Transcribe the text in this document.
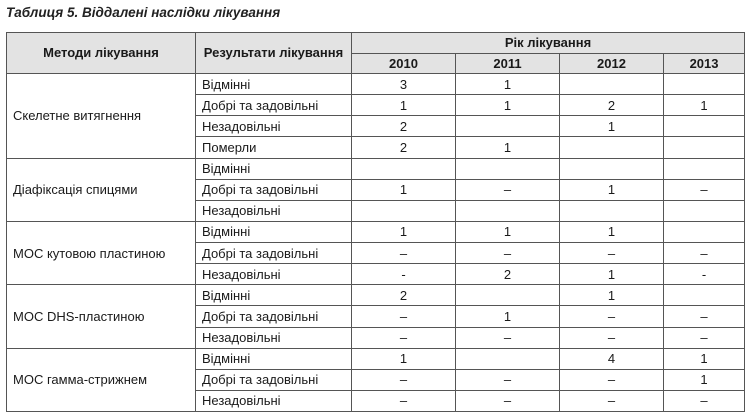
Таблиця 5. Віддалені наслідки лікування
Методи лікування	Результати лікування	Рік лікування			
		2010	2011	2012	2013
Скелетне витягнення	Відмінні	3	1		
	Добрі та задовільні	1	1	2	1
	Незадовільні	2		1	
	Померли	2	1		
Діафіксація спицями	Відмінні				
	Добрі та задовільні	1	–	1	–
	Незадовільні				
МОС кутовою пластиною	Відмінні	1	1	1	
	Добрі та задовільні	–	–	–	–
	Незадовільні	-	2	1	-
МОС DHS-пластиною	Відмінні	2		1	
	Добрі та задовільні	–	1	–	–
	Незадовільні	–	–	–	–
МОС гамма-стрижнем	Відмінні	1		4	1
	Добрі та задовільні	–	–	–	1
	Незадовільні	–	–	–	–
